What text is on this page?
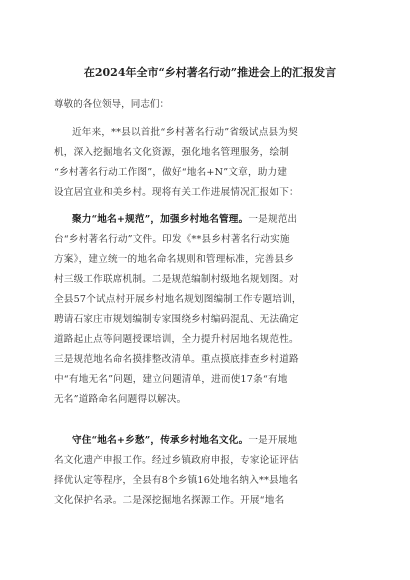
在2024年全市“乡村著名行动”推进会上的汇报发言
尊敬的各位领导，同志们：
近年来，**县以首批“乡村著名行动”省级试点县为契
机，深入挖掘地名文化资源，强化地名管理服务，绘制
“乡村著名行动工作图”，做好“地名+N”文章，助力建
设宜居宜业和美乡村。现将有关工作进展情况汇报如下：
聚力“地名+规范”，加强乡村地名管理。一是规范出
台“乡村著名行动”文件。印发《**县乡村著名行动实施
方案》，建立统一的地名命名规则和管理标准，完善县乡
村三级工作联席机制。二是规范编制村级地名规划图。对
全县57个试点村开展乡村地名规划图编制工作专题培训，
聘请石家庄市规划编制专家围绕乡村编码混乱、无法确定
道路起止点等问题授课培训，全力提升村居地名规范性。
三是规范地名命名摸排整改清单。重点摸底排查乡村道路
中“有地无名”问题，建立问题清单，进而使17条“有地
无名”道路命名问题得以解决。
守住“地名+乡愁”，传承乡村地名文化。一是开展地
名文化遗产申报工作。经过乡镇政府申报，专家论证评估
择优认定等程序，全县有8个乡镇16处地名纳入**县地名
文化保护名录。二是深挖掘地名探源工作。开展“地名
